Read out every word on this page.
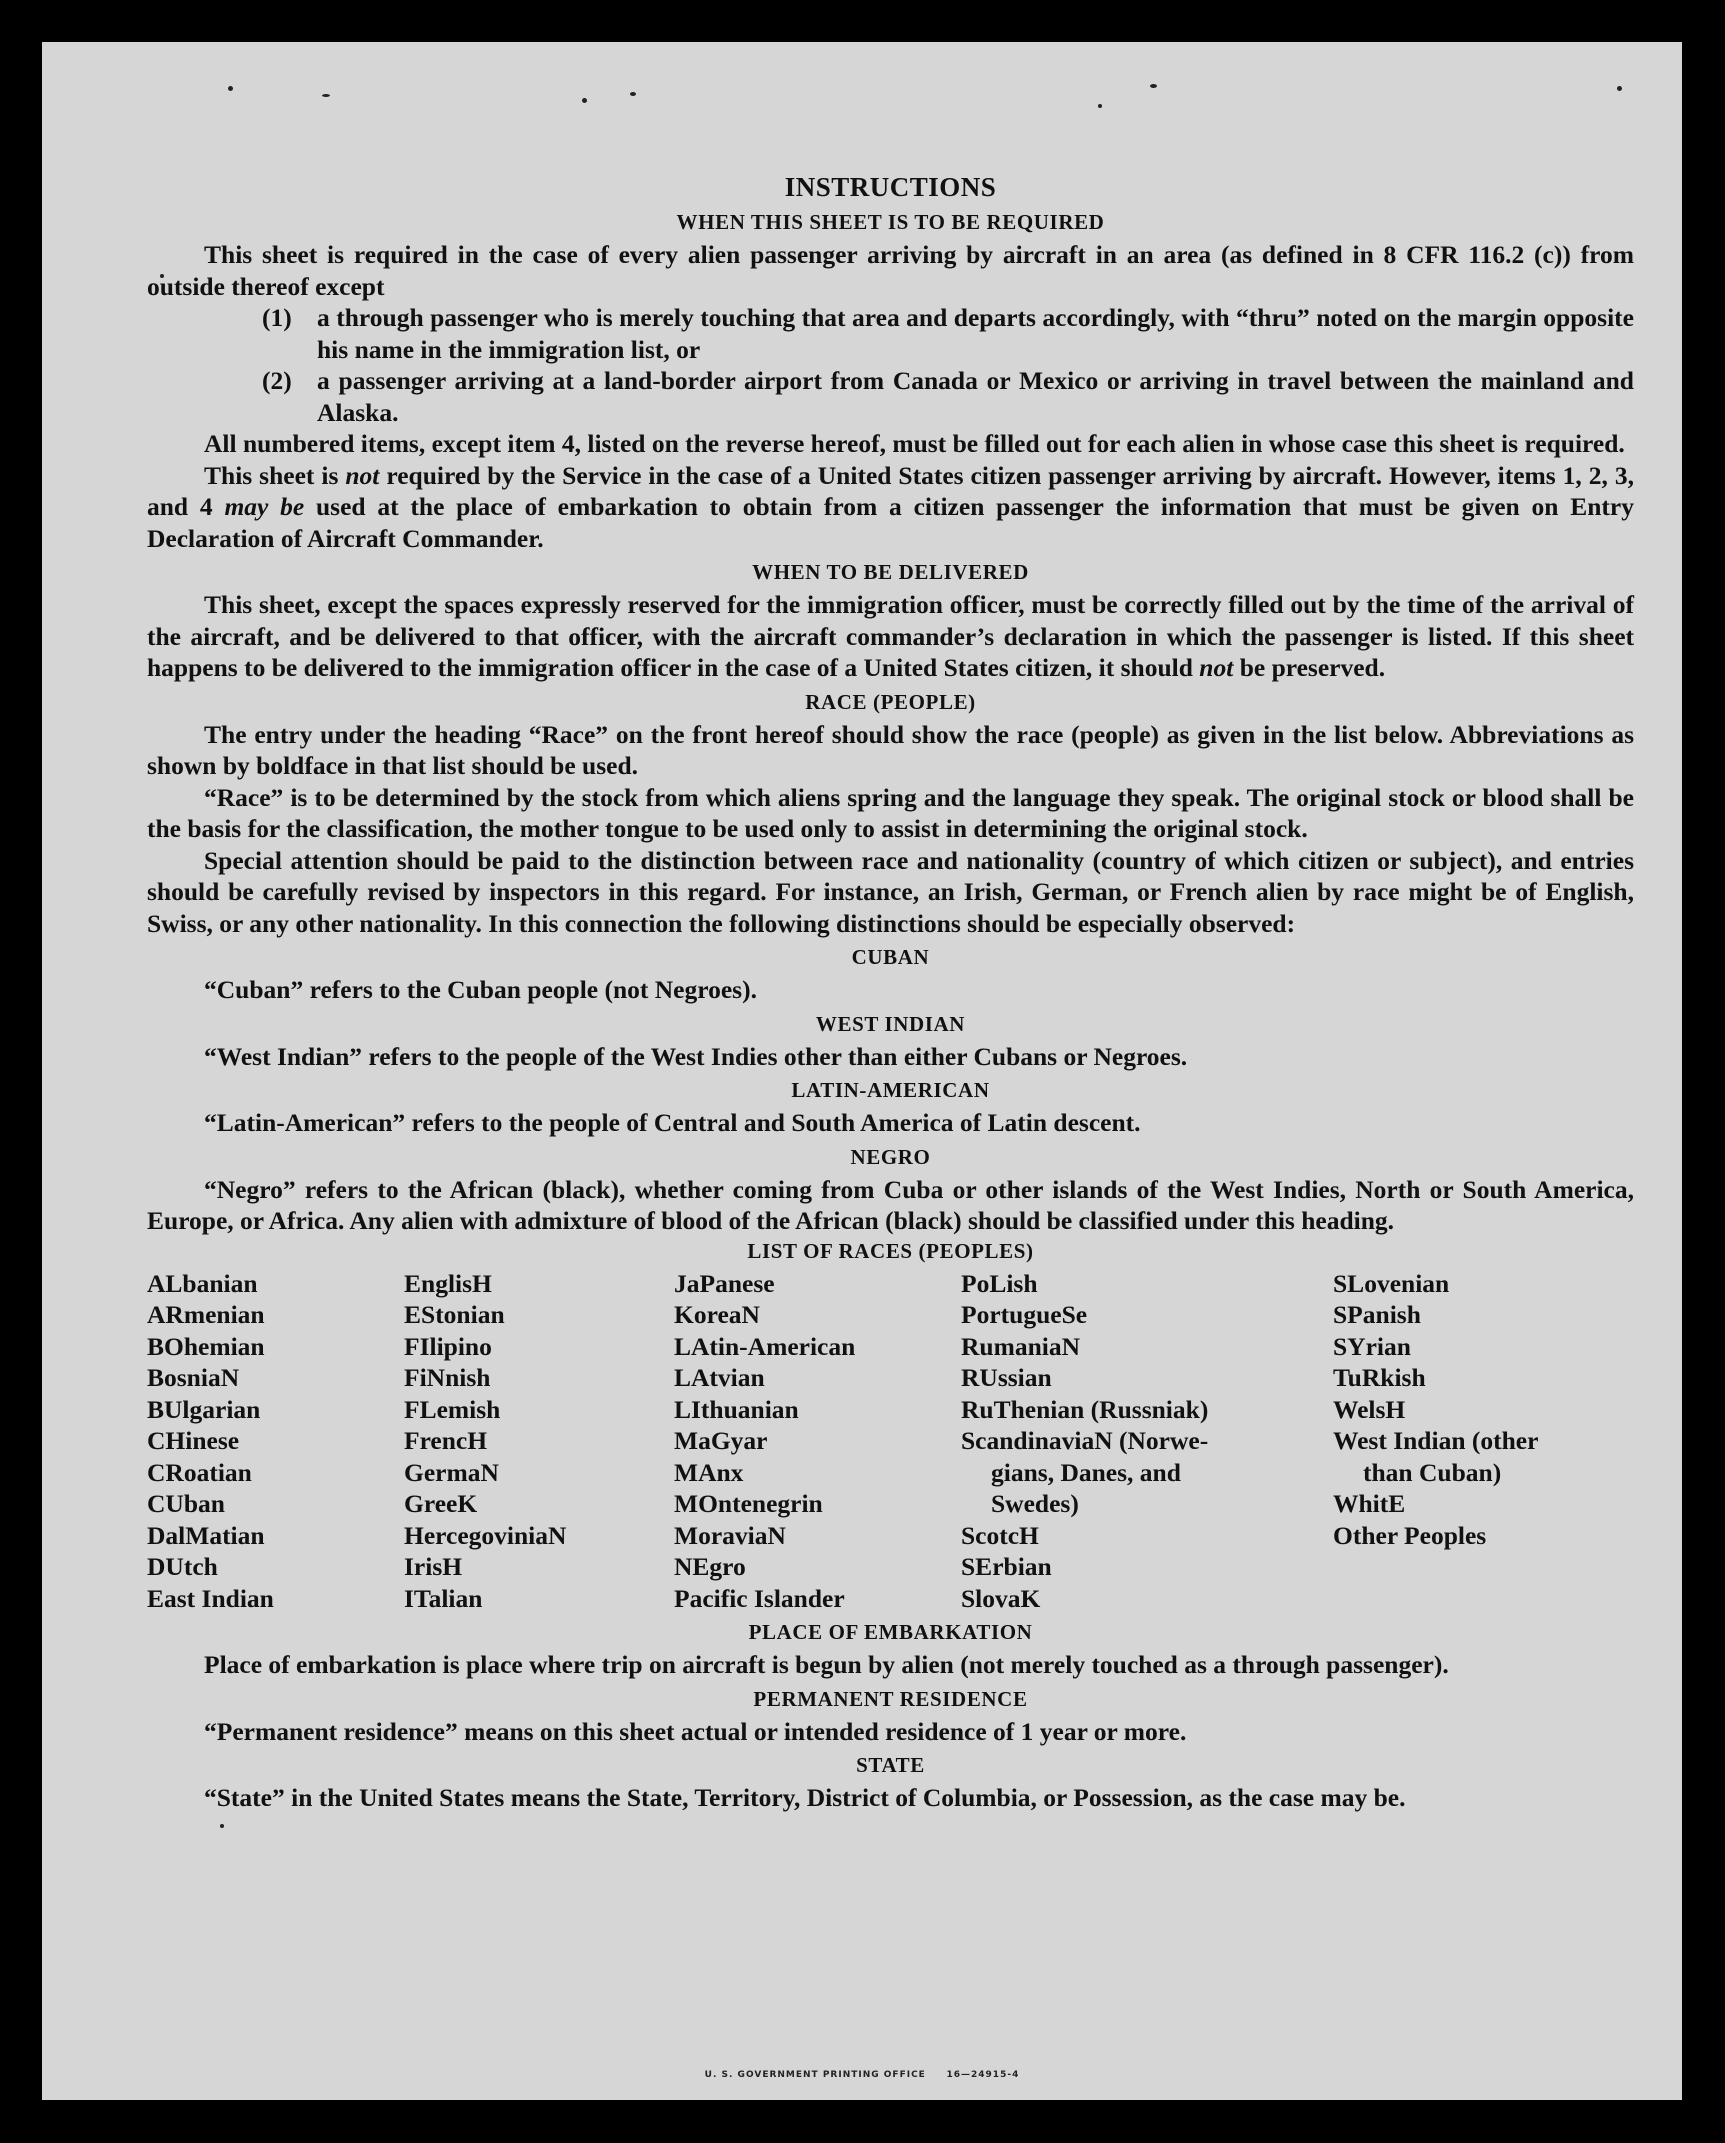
INSTRUCTIONS
WHEN THIS SHEET IS TO BE REQUIRED

This sheet is required in the case of every alien passenger arriving by aircraft in an area (as defined in 8 CFR 116.2 (c)) from outside thereof except

(1) a through passenger who is merely touching that area and departs accordingly, with “thru” noted on the margin opposite his name in the immigration list, or
(2) a passenger arriving at a land-border airport from Canada or Mexico or arriving in travel between the mainland and Alaska.

All numbered items, except item 4, listed on the reverse hereof, must be filled out for each alien in whose case this sheet is required.

This sheet is not required by the Service in the case of a United States citizen passenger arriving by aircraft. However, items 1, 2, 3, and 4 may be used at the place of embarkation to obtain from a citizen passenger the information that must be given on Entry Declaration of Aircraft Commander.

WHEN TO BE DELIVERED

This sheet, except the spaces expressly reserved for the immigration officer, must be correctly filled out by the time of the arrival of the aircraft, and be delivered to that officer, with the aircraft commander’s declaration in which the passenger is listed. If this sheet happens to be delivered to the immigration officer in the case of a United States citizen, it should not be preserved.

RACE (PEOPLE)

The entry under the heading “Race” on the front hereof should show the race (people) as given in the list below. Abbreviations as shown by boldface in that list should be used.

“Race” is to be determined by the stock from which aliens spring and the language they speak. The original stock or blood shall be the basis for the classification, the mother tongue to be used only to assist in determining the original stock.

Special attention should be paid to the distinction between race and nationality (country of which citizen or subject), and entries should be carefully revised by inspectors in this regard. For instance, an Irish, German, or French alien by race might be of English, Swiss, or any other nationality. In this connection the following distinctions should be especially observed:

CUBAN

“Cuban” refers to the Cuban people (not Negroes).

WEST INDIAN

“West Indian” refers to the people of the West Indies other than either Cubans or Negroes.

LATIN-AMERICAN

“Latin-American” refers to the people of Central and South America of Latin descent.

NEGRO

“Negro” refers to the African (black), whether coming from Cuba or other islands of the West Indies, North or South America, Europe, or Africa. Any alien with admixture of blood of the African (black) should be classified under this heading.

LIST OF RACES (PEOPLES)
ALbanian
ARmenian
BOhemian
BosniaN
BUlgarian
CHinese
CRoatian
CUban
DalMatian
DUtch
East Indian
EnglisH
EStonian
FIlipino
FiNnish
FLemish
FrencH
GermaN
GreeK
HercegoviniaN
IrisH
ITalian
JaPanese
KoreaN
LAtin-American
LAtvian
LIthuanian
MaGyar
MAnx
MOntenegrin
MoraviaN
NEgro
Pacific Islander
PoLish
PortugueSe
RumaniaN
RUssian
RuThenian (Russniak)
ScandinaviaN (Norwe-
gians, Danes, and
Swedes)
ScotcH
SErbian
SlovaK
SLovenian
SPanish
SYrian
TuRkish
WelsH
West Indian (other
than Cuban)
WhitE
Other Peoples
PLACE OF EMBARKATION

Place of embarkation is place where trip on aircraft is begun by alien (not merely touched as a through passenger).

PERMANENT RESIDENCE

“Permanent residence” means on this sheet actual or intended residence of 1 year or more.

STATE

“State” in the United States means the State, Territory, District of Columbia, or Possession, as the case may be.

U. S. GOVERNMENT PRINTING OFFICE     16—24915-4
